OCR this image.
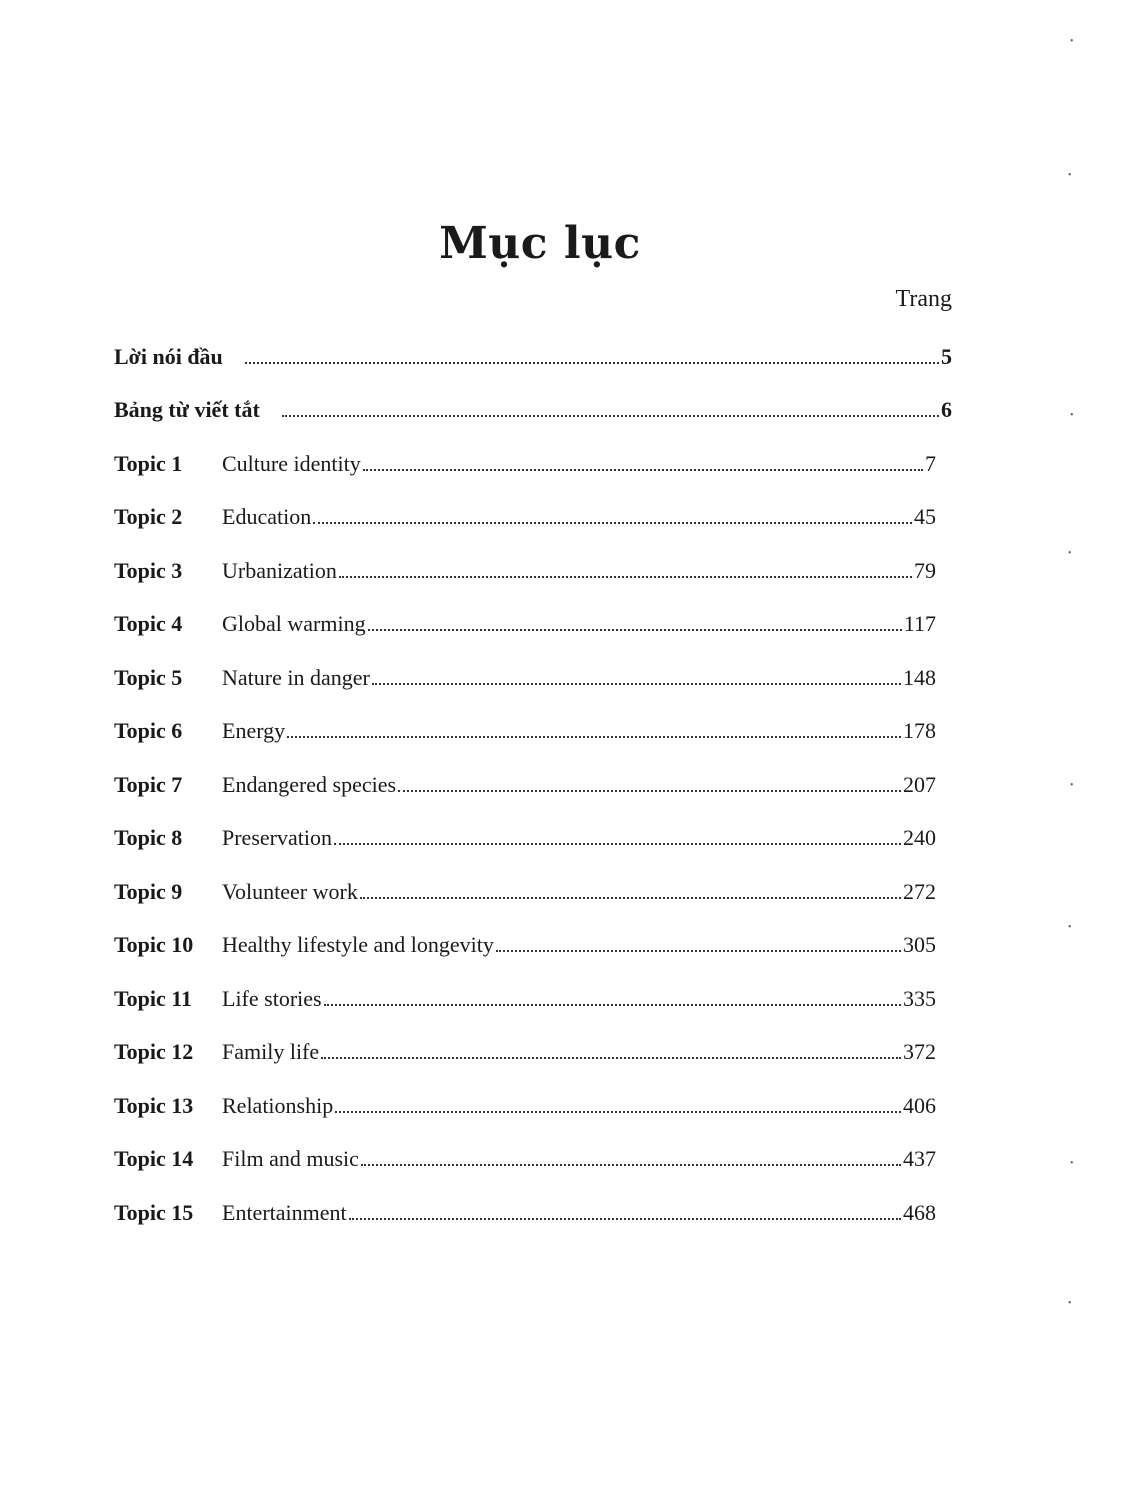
Mục lục
Trang
Lời nói đầu	5
Bảng từ viết tắt	6
Topic 1	Culture identity	7
Topic 2	Education	45
Topic 3	Urbanization	79
Topic 4	Global warming	117
Topic 5	Nature in danger	148
Topic 6	Energy	178
Topic 7	Endangered species	207
Topic 8	Preservation	240
Topic 9	Volunteer work	272
Topic 10	Healthy lifestyle and longevity	305
Topic 11	Life stories	335
Topic 12	Family life	372
Topic 13	Relationship	406
Topic 14	Film and music	437
Topic 15	Entertainment	468
•
•
•
•
•
•
•
•
